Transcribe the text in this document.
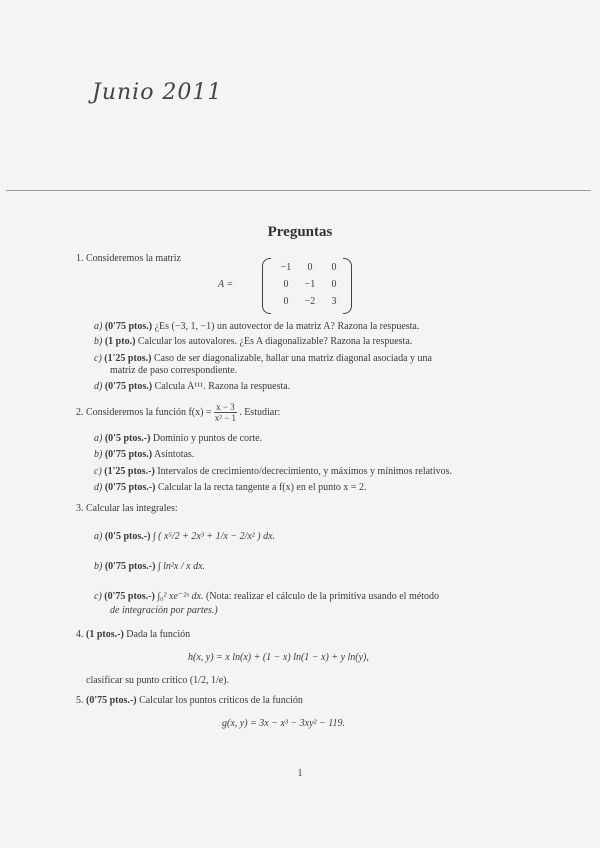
Junio 2011
Preguntas
1. Consideremos la matriz
A =
−1	0	0
0	−1	0
0	−2	3
a) (0'75 ptos.) ¿Es (−3, 1, −1) un autovector de la matriz A? Razona la respuesta.
b) (1 pto.) Calcular los autovalores. ¿Es A diagonalizable? Razona la respuesta.
c) (1'25 ptos.) Caso de ser diagonalizable, hallar una matriz diagonal asociada y una
matriz de paso correspondiente.
d) (0'75 ptos.) Calcula A¹¹¹. Razona la respuesta.
2. Consideremos la función $f(x) = \frac{x - 3}{\text{x² − 1}}$ . Estudiar:
a) (0'5 ptos.-) Dominio y puntos de corte.
b) (0'75 ptos.) Asíntotas.
c) (1'25 ptos.-) Intervalos de crecimiento/decrecimiento, y máximos y mínimos relativos.
d) (0'75 ptos.-) Calcular la la recta tangente a f(x) en el punto x = 2.
3. Calcular las integrales:
a) (0'5 ptos.-) ∫ ( x⁵/2 + 2x³ + 1/x − 2/x² ) dx.
b) (0'75 ptos.-) ∫ ln²x / x dx.
c) (0'75 ptos.-) ∫₀² xe⁻²ˣ dx. (Nota: realizar el cálculo de la primitiva usando el método
de integración por partes.)
4. (1 ptos.-) Dada la función
h(x, y) = x ln(x) + (1 − x) ln(1 − x) + y ln(y),
clasificar su punto crítico (1/2, 1/e).
5. (0'75 ptos.-) Calcular los puntos críticos de la función
g(x, y) = 3x − x³ − 3xy² − 119.
1
